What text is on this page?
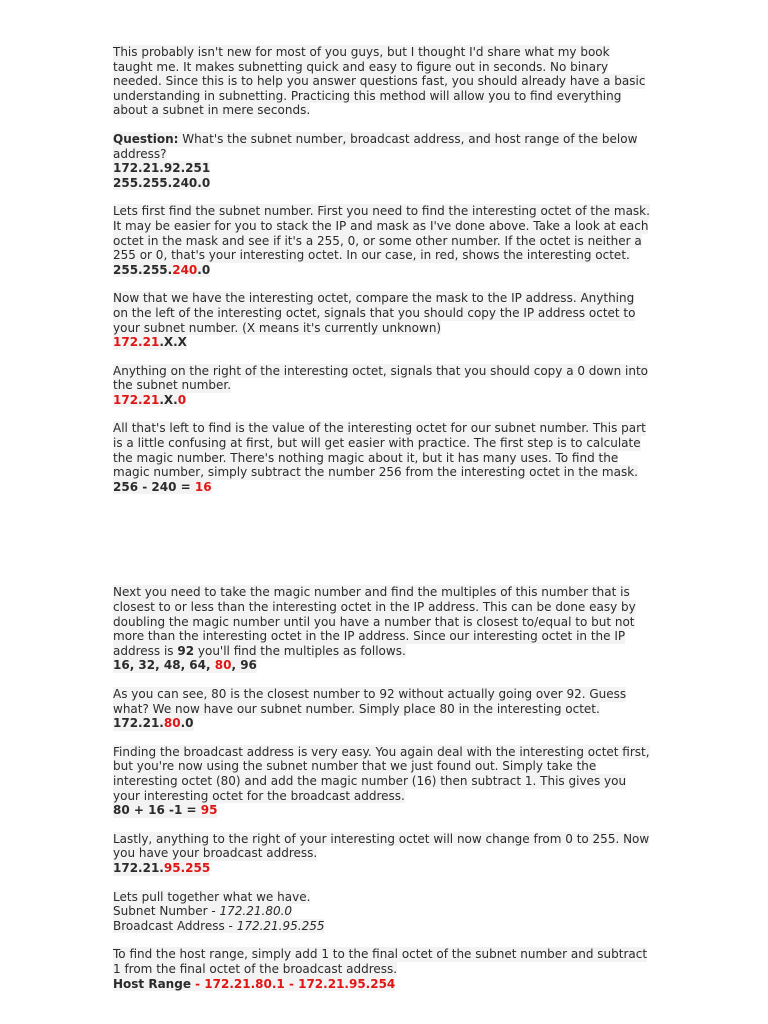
This probably isn't new for most of you guys, but I thought I'd share what my book
taught me. It makes subnetting quick and easy to figure out in seconds. No binary
needed. Since this is to help you answer questions fast, you should already have a basic
understanding in subnetting. Practicing this method will allow you to find everything
about a subnet in mere seconds.
Question: What's the subnet number, broadcast address, and host range of the below
address?
172.21.92.251
255.255.240.0
Lets first find the subnet number. First you need to find the interesting octet of the mask.
It may be easier for you to stack the IP and mask as I've done above. Take a look at each
octet in the mask and see if it's a 255, 0, or some other number. If the octet is neither a
255 or 0, that's your interesting octet. In our case, in red, shows the interesting octet.
255.255.240.0
Now that we have the interesting octet, compare the mask to the IP address. Anything
on the left of the interesting octet, signals that you should copy the IP address octet to
your subnet number. (X means it's currently unknown)
172.21.X.X
Anything on the right of the interesting octet, signals that you should copy a 0 down into
the subnet number.
172.21.X.0
All that's left to find is the value of the interesting octet for our subnet number. This part
is a little confusing at first, but will get easier with practice. The first step is to calculate
the magic number. There's nothing magic about it, but it has many uses. To find the
magic number, simply subtract the number 256 from the interesting octet in the mask.
256 - 240 = 16
Next you need to take the magic number and find the multiples of this number that is
closest to or less than the interesting octet in the IP address. This can be done easy by
doubling the magic number until you have a number that is closest to/equal to but not
more than the interesting octet in the IP address. Since our interesting octet in the IP
address is 92 you'll find the multiples as follows.
16, 32, 48, 64, 80, 96
As you can see, 80 is the closest number to 92 without actually going over 92. Guess
what? We now have our subnet number. Simply place 80 in the interesting octet.
172.21.80.0
Finding the broadcast address is very easy. You again deal with the interesting octet first,
but you're now using the subnet number that we just found out. Simply take the
interesting octet (80) and add the magic number (16) then subtract 1. This gives you
your interesting octet for the broadcast address.
80 + 16 -1 = 95
Lastly, anything to the right of your interesting octet will now change from 0 to 255. Now
you have your broadcast address.
172.21.95.255
Lets pull together what we have.
Subnet Number - 172.21.80.0
Broadcast Address - 172.21.95.255
To find the host range, simply add 1 to the final octet of the subnet number and subtract
1 from the final octet of the broadcast address.
Host Range - 172.21.80.1 - 172.21.95.254
